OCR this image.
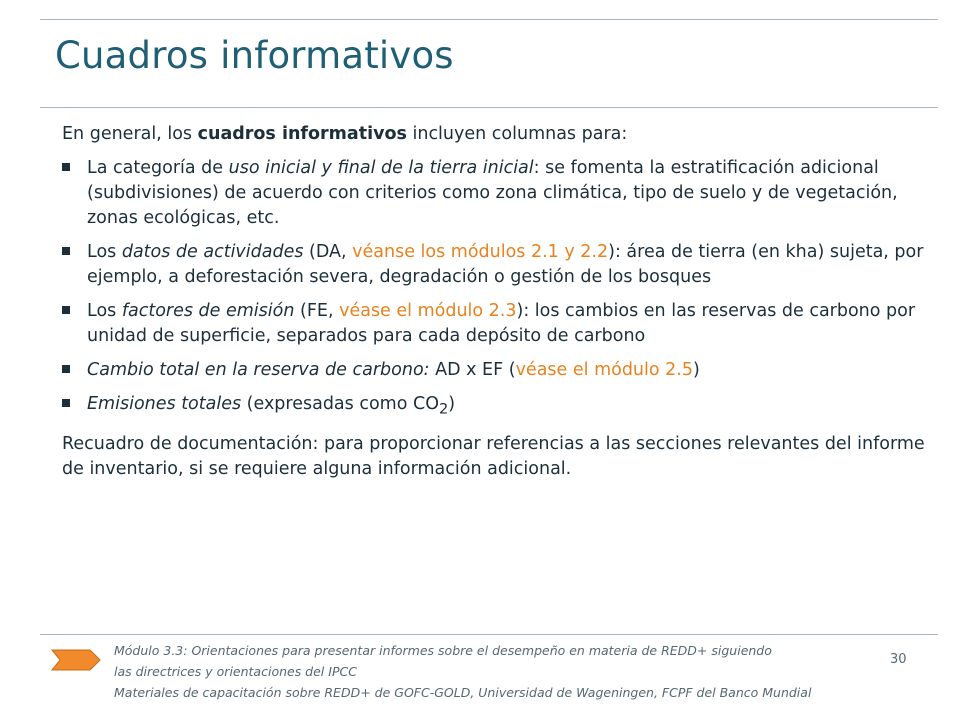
Cuadros informativos

En general, los cuadros informativos incluyen columnas para:

La categoría de uso inicial y final de la tierra inicial: se fomenta la estratificación adicional (subdivisiones) de acuerdo con criterios como zona climática, tipo de suelo y de vegetación, zonas ecológicas, etc.
Los datos de actividades (DA, véanse los módulos 2.1 y 2.2): área de tierra (en kha) sujeta, por ejemplo, a deforestación severa, degradación o gestión de los bosques
Los factores de emisión (FE, véase el módulo 2.3): los cambios en las reservas de carbono por unidad de superficie, separados para cada depósito de carbono
Cambio total en la reserva de carbono: AD x EF (véase el módulo 2.5)
Emisiones totales (expresadas como $CO_2$)

Recuadro de documentación: para proporcionar referencias a las secciones relevantes del informe de inventario, si se requiere alguna información adicional.

Módulo 3.3: Orientaciones para presentar informes sobre el desempeño en materia de REDD+ siguiendo
las directrices y orientaciones del IPCC
Materiales de capacitación sobre REDD+ de GOFC-GOLD, Universidad de Wageningen, FCPF del Banco Mundial
30
